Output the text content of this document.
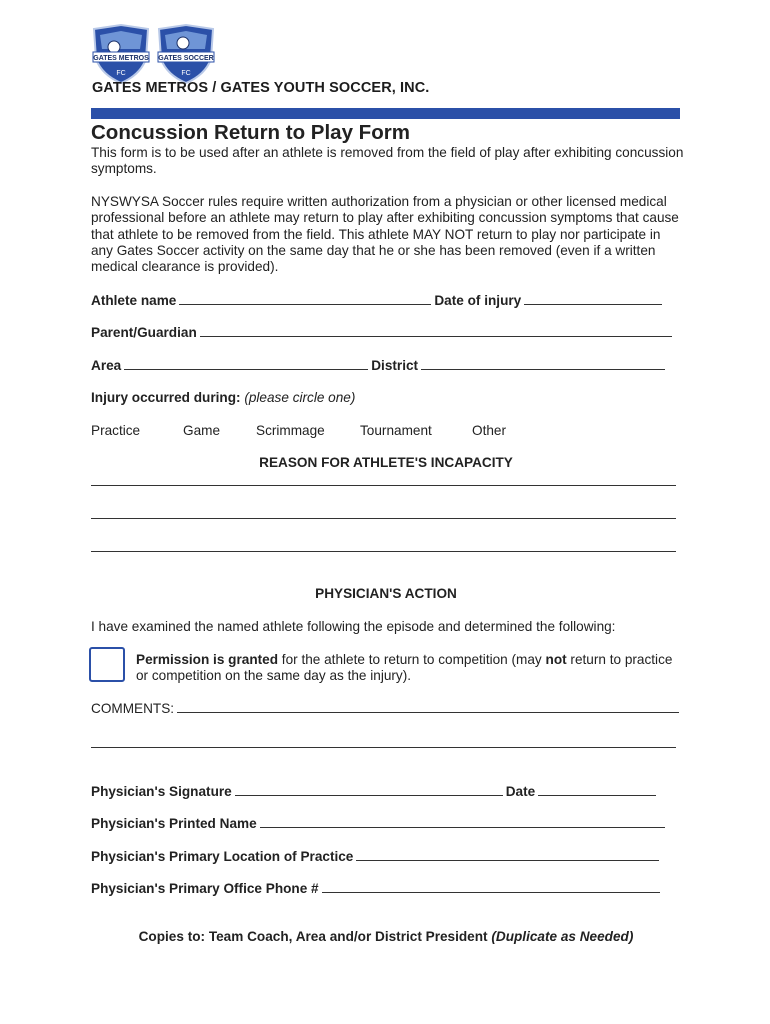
GATES METROS
FC
GATES SOCCER
FC
GATES METROS / GATES YOUTH SOCCER, INC.
Concussion Return to Play Form
This form is to be used after an athlete is removed from the field of play after exhibiting concussion symptoms.
NYSWYSA Soccer rules require written authorization from a physician or other licensed medical professional before an athlete may return to play after exhibiting concussion symptoms that cause that athlete to be removed from the field. This athlete MAY NOT return to play nor participate in any Gates Soccer activity on the same day that he or she has been removed (even if a written medical clearance is provided).
Athlete name	Date of injury
Parent/Guardian
Area	District
Injury occurred during: (please circle one)
Practice	Game	Scrimmage	Tournament	Other
REASON FOR ATHLETE'S INCAPACITY
PHYSICIAN'S ACTION
I have examined the named athlete following the episode and determined the following:
Permission is granted for the athlete to return to competition (may not return to practice or competition on the same day as the injury).
COMMENTS:
Physician's Signature	Date
Physician's Printed Name
Physician's Primary Location of Practice
Physician's Primary Office Phone #
Copies to: Team Coach, Area and/or District President (Duplicate as Needed)
